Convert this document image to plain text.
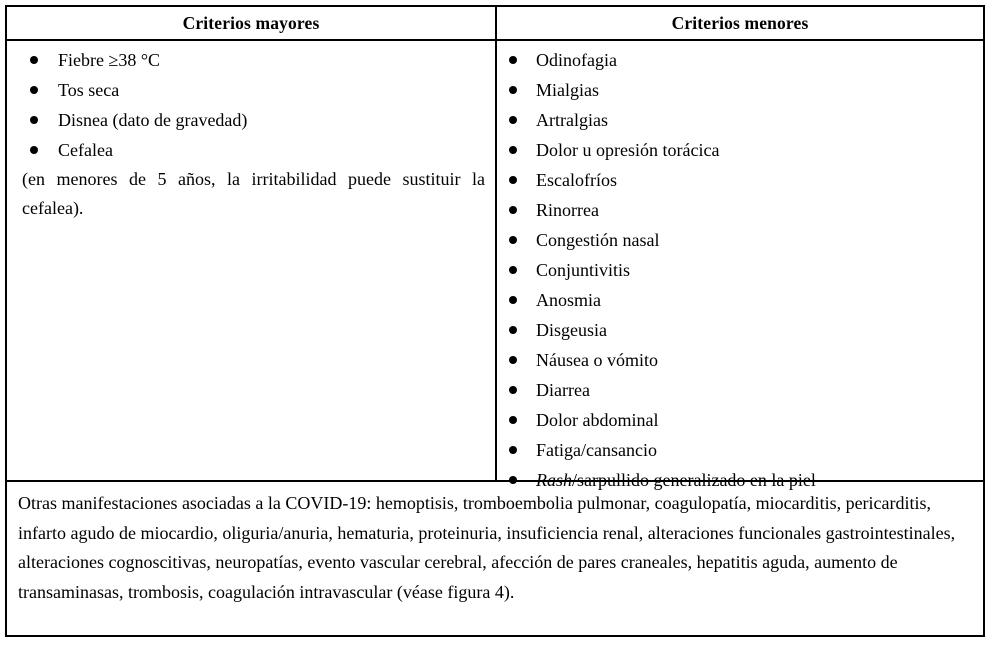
Criterios mayores	Criterios menores
Fiebre ≥38 °C
Tos seca
Disnea (dato de gravedad)
Cefalea

(en menores de 5 años, la irritabilidad puede sustituir la cefalea).

Odinofagia
Mialgias
Artralgias
Dolor u opresión torácica
Escalofríos
Rinorrea
Congestión nasal
Conjuntivitis
Anosmia
Disgeusia
Náusea o vómito
Diarrea
Dolor abdominal
Fatiga/cansancio
Rash/sarpullido generalizado en la piel

Otras manifestaciones asociadas a la COVID-19: hemoptisis, tromboembolia pulmonar, coagulopatía, miocarditis, pericarditis, infarto agudo de miocardio, oliguria/anuria, hematuria, proteinuria, insuficiencia renal, alteraciones funcionales gastrointestinales, alteraciones cognoscitivas, neuropatías, evento vascular cerebral, afección de pares craneales, hepatitis aguda, aumento de transaminasas, trombosis, coagulación intravascular (véase figura 4).
